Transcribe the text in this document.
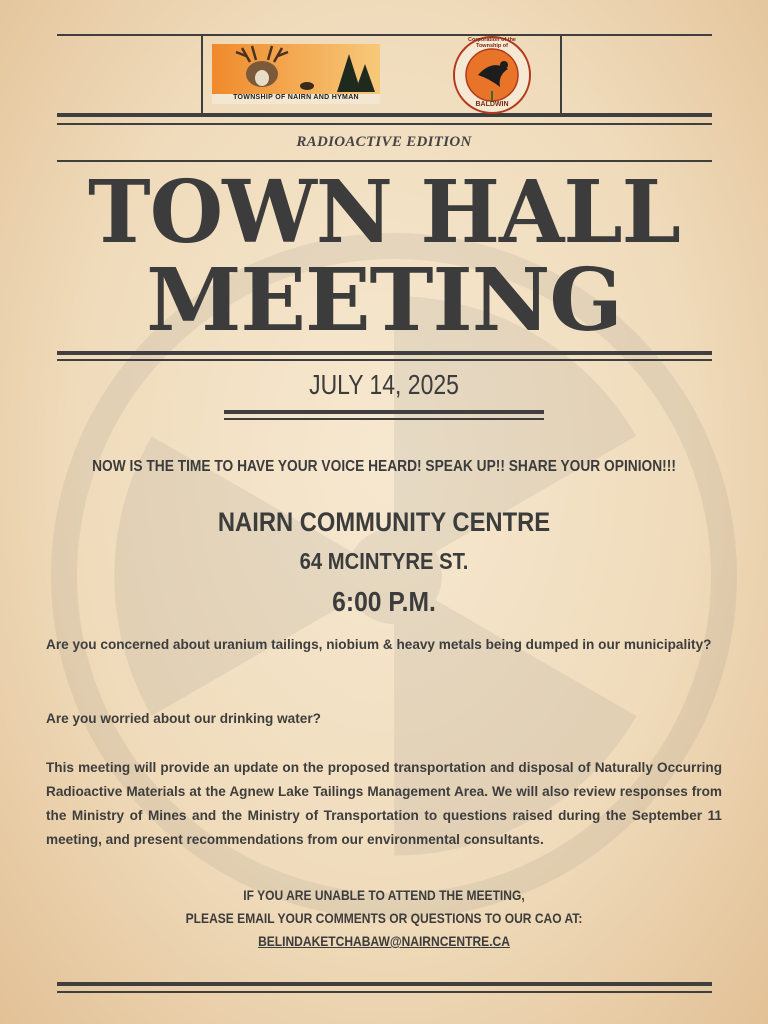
TOWNSHIP OF NAIRN AND HYMAN
Corporation of the Township of
BALDWIN
RADIOACTIVE EDITION
TOWN HALL
MEETING
JULY 14, 2025
NOW IS THE TIME TO HAVE YOUR VOICE HEARD! SPEAK UP!! SHARE YOUR OPINION!!!
NAIRN COMMUNITY CENTRE
64 MCINTYRE ST.
6:00 P.M.
Are you concerned about uranium tailings, niobium & heavy metals being dumped in our municipality?
Are you worried about our drinking water?
This meeting will provide an update on the proposed transportation and disposal of Naturally Occurring Radioactive Materials at the Agnew Lake Tailings Management Area. We will also review responses from the Ministry of Mines and the Ministry of Transportation to questions raised during the September 11 meeting, and present recommendations from our environmental consultants.
IF YOU ARE UNABLE TO ATTEND THE MEETING,
PLEASE EMAIL YOUR COMMENTS OR QUESTIONS TO OUR CAO AT:
BELINDAKETCHABAW@NAIRNCENTRE.CA
